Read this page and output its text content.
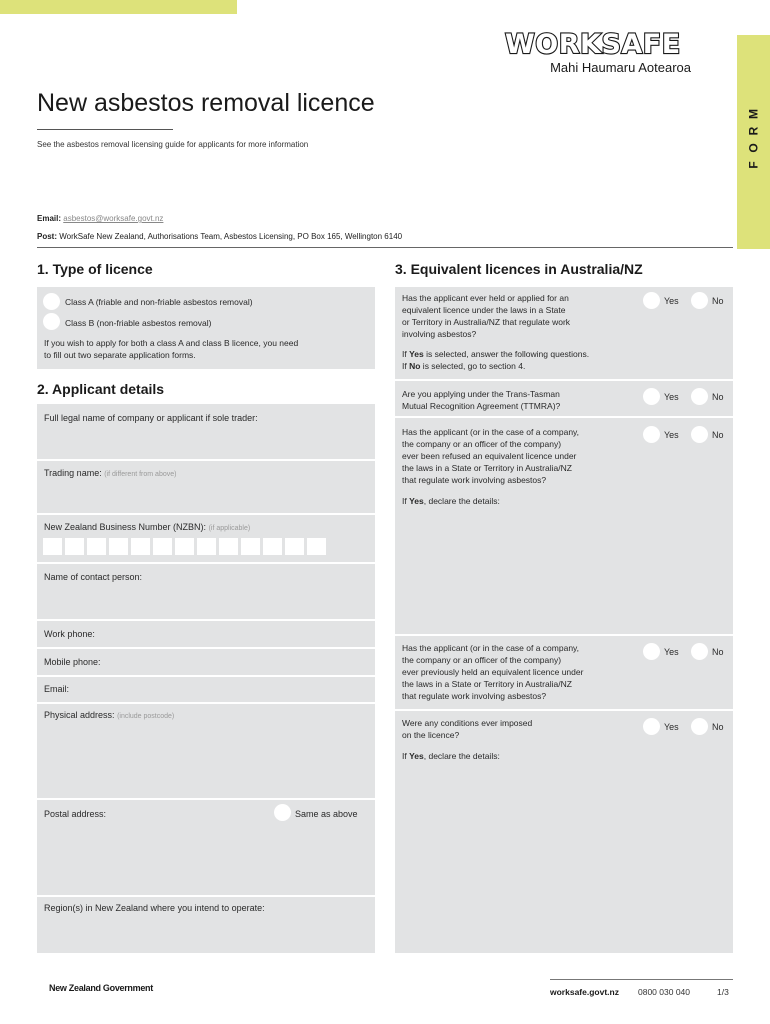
M
R
O
F
WORKSAFE
Mahi Haumaru Aotearoa
New asbestos removal licence
See the asbestos removal licensing guide for applicants for more information
Email: asbestos@worksafe.govt.nz
Post: WorkSafe New Zealand, Authorisations Team, Asbestos Licensing, PO Box 165, Wellington 6140
1. Type of licence
Class A (friable and non-friable asbestos removal)
Class B (non-friable asbestos removal)
If you wish to apply for both a class A and class B licence, you need
to fill out two separate application forms.
2. Applicant details
Full legal name of company or applicant if sole trader:
Trading name: (if different from above)
New Zealand Business Number (NZBN): (if applicable)
Name of contact person:
Work phone:
Mobile phone:
Email:
Physical address: (include postcode)
Postal address:	Same as above
Region(s) in New Zealand where you intend to operate:
3. Equivalent licences in Australia/NZ
Has the applicant ever held or applied for an
equivalent licence under the laws in a State
or Territory in Australia/NZ that regulate work
involving asbestos?
Yes	No
If Yes is selected, answer the following questions.
If No is selected, go to section 4.
Are you applying under the Trans-Tasman
Mutual Recognition Agreement (TTMRA)?
Yes	No
Has the applicant (or in the case of a company,
the company or an officer of the company)
ever been refused an equivalent licence under
the laws in a State or Territory in Australia/NZ
that regulate work involving asbestos?
Yes	No
If Yes, declare the details:
Has the applicant (or in the case of a company,
the company or an officer of the company)
ever previously held an equivalent licence under
the laws in a State or Territory in Australia/NZ
that regulate work involving asbestos?
Yes	No
Were any conditions ever imposed
on the licence?
Yes	No
If Yes, declare the details:
New Zealand Government	worksafe.govt.nz 0800 030 040	1/3
